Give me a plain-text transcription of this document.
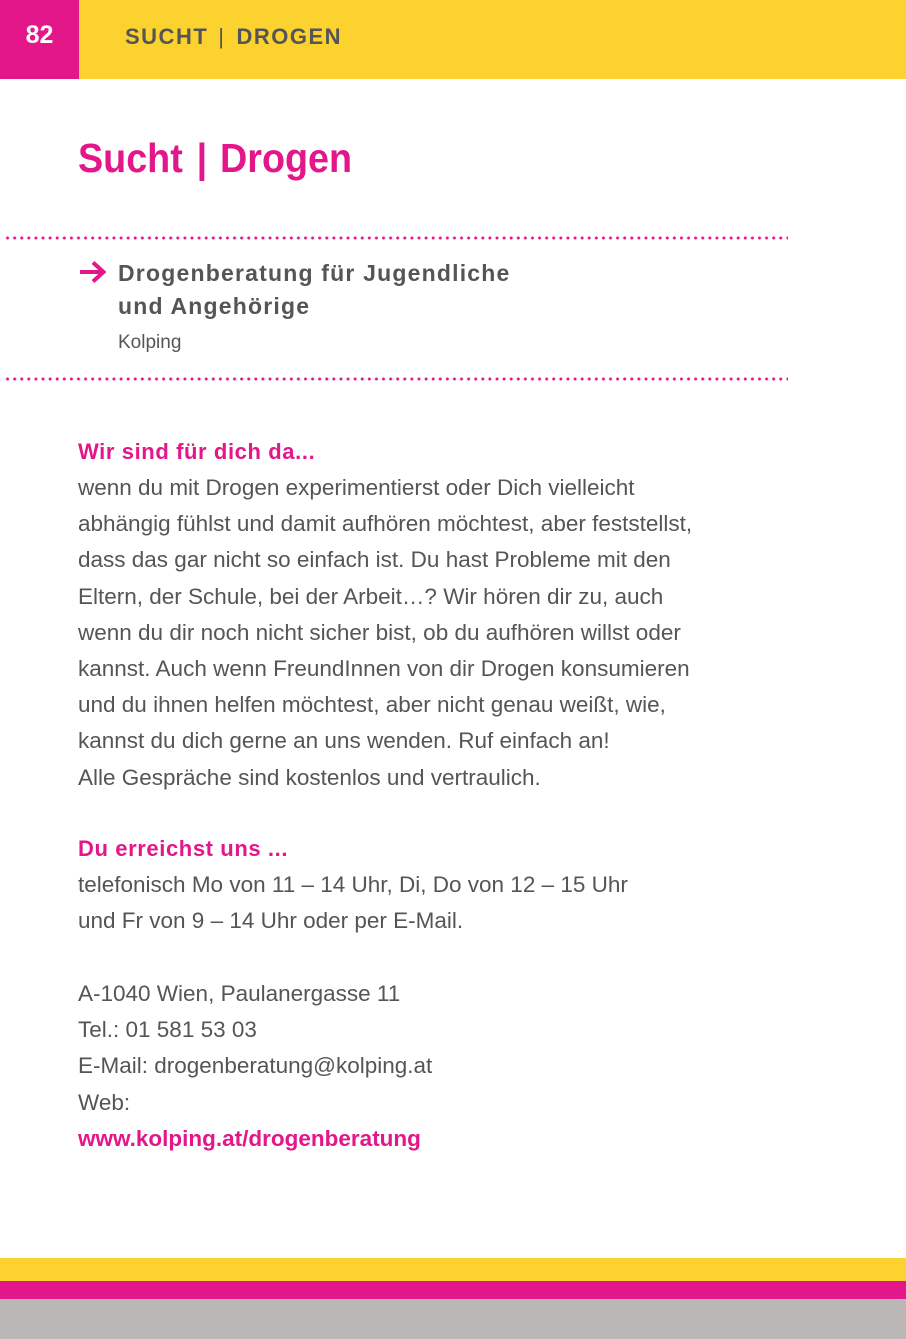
82	SUCHT | DROGEN
Sucht | Drogen
Drogenberatung für Jugendliche
und Angehörige
Kolping
Wir sind für dich da...
wenn du mit Drogen experimentierst oder Dich vielleicht
abhängig fühlst und damit aufhören möchtest, aber feststellst,
dass das gar nicht so einfach ist. Du hast Probleme mit den
Eltern, der Schule, bei der Arbeit…? Wir hören dir zu, auch
wenn du dir noch nicht sicher bist, ob du aufhören willst oder
kannst. Auch wenn FreundInnen von dir Drogen konsumieren
und du ihnen helfen möchtest, aber nicht genau weißt, wie,
kannst du dich gerne an uns wenden. Ruf einfach an!
Alle Gespräche sind kostenlos und vertraulich.
Du erreichst uns ...
telefonisch Mo von 11 – 14 Uhr, Di, Do von 12 – 15 Uhr
und Fr von 9 – 14 Uhr oder per E-Mail.
A-1040 Wien, Paulanergasse 11
Tel.: 01 581 53 03
E-Mail: drogenberatung@kolping.at
Web:
www.kolping.at/drogenberatung
